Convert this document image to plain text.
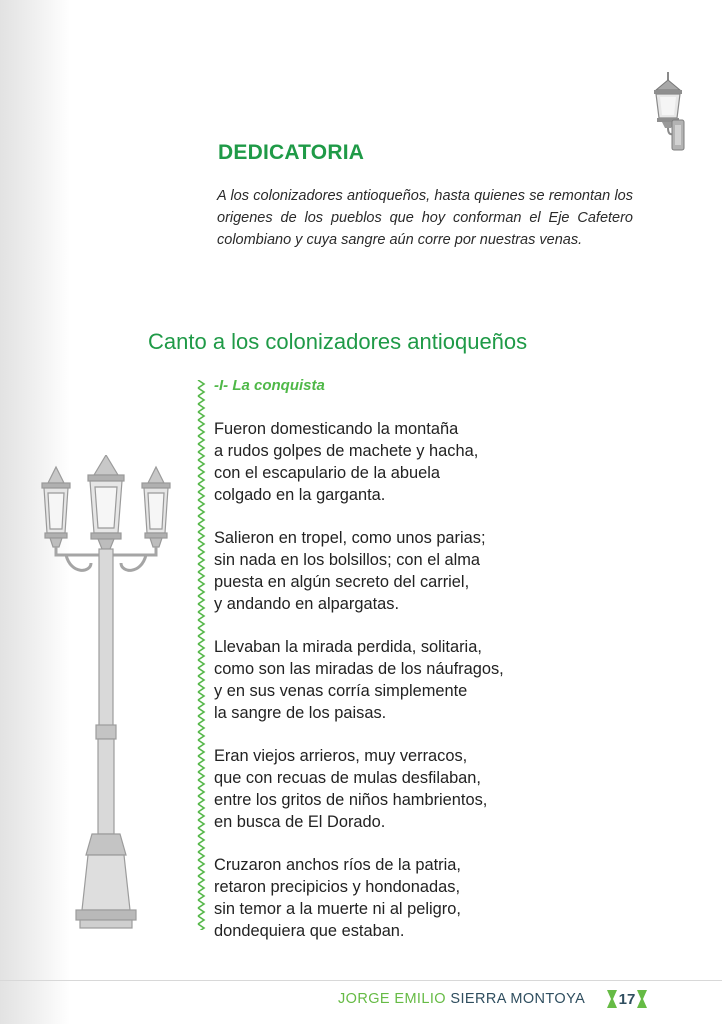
DEDICATORIA

A los colonizadores antioqueños, hasta quienes se remontan los origenes de los pueblos que hoy conforman el Eje Cafetero colombiano y cuya sangre aún corre por nuestras venas.

Canto a los colonizadores antioqueños
-I- La conquista

Fueron domesticando la montaña
a rudos golpes de machete y hacha,
con el escapulario de la abuela
colgado en la garganta.

Salieron en tropel, como unos parias;
sin nada en los bolsillos; con el alma
puesta en algún secreto del carriel,
y andando en alpargatas.

Llevaban la mirada perdida, solitaria,
como son las miradas de los náufragos,
y en sus venas corría simplemente
la sangre de los paisas.

Eran viejos arrieros, muy verracos,
que con recuas de mulas desfilaban,
entre los gritos de niños hambrientos,
en busca de El Dorado.

Cruzaron anchos ríos de la patria,
retaron precipicios y hondonadas,
sin temor a la muerte ni al peligro,
dondequiera que estaban.

JORGE EMILIO SIERRA MONTOYA 17
